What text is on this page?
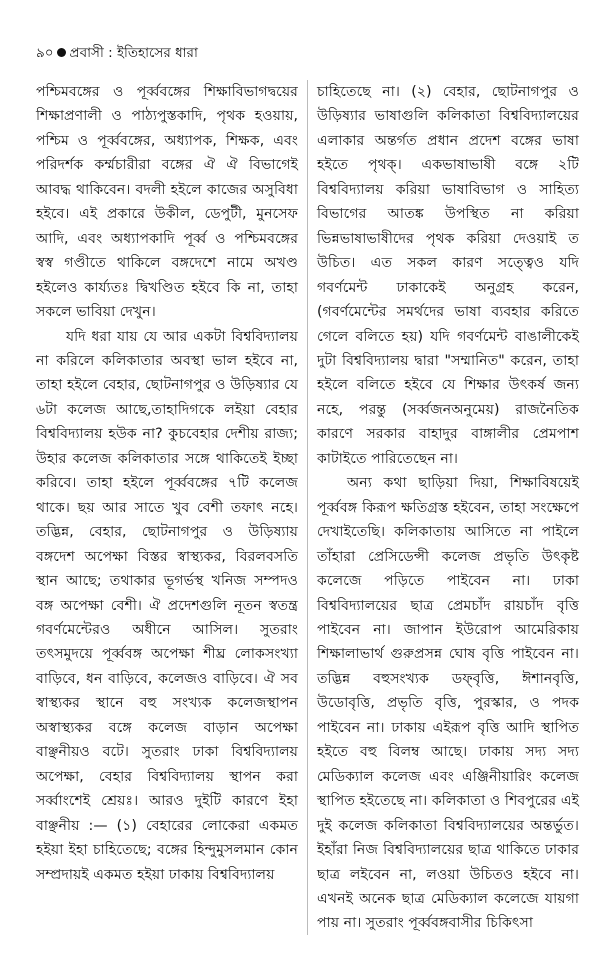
৯০ প্রবাসী : ইতিহাসের ধারা

পশ্চিমবঙ্গের ও পূর্ব্ববঙ্গের শিক্ষাবিভাগদ্বয়ের শিক্ষাপ্রণালী ও পাঠ্যপুস্তকাদি, পৃথক হওয়ায়, পশ্চিম ও পূর্ব্ববঙ্গের, অধ্যাপক, শিক্ষক, এবং পরিদর্শক কর্ম্মচারীরা বঙ্গের ঐ ঐ বিভাগেই আবদ্ধ থাকিবেন। বদলী হইলে কাজের অসুবিধা হইবে। এই প্রকারে উকীল, ডেপুটী, মুনসেফ আদি, এবং অধ্যাপকাদি পূর্ব্ব ও পশ্চিমবঙ্গের স্বস্ব গণ্ডীতে থাকিলে বঙ্গদেশে নামে অখণ্ড হইলেও কার্য্যতঃ দ্বিখণ্ডিত হইবে কি না, তাহা সকলে ভাবিয়া দেখুন।

যদি ধরা যায় যে আর একটা বিশ্ববিদ্যালয় না করিলে কলিকাতার অবস্থা ভাল হইবে না, তাহা হইলে বেহার, ছোটনাগপুর ও উড়িষ্যার যে ৬টা কলেজ আছে,তাহাদিগকে লইয়া বেহার বিশ্ববিদ্যালয় হউক না? কুচবেহার দেশীয় রাজ্য; উহার কলেজ কলিকাতার সঙ্গে থাকিতেই ইচ্ছা করিবে। তাহা হইলে পূর্ব্ববঙ্গের ৭টি কলেজ থাকে। ছয় আর সাতে খুব বেশী তফাৎ নহে। তদ্ভিন্ন, বেহার, ছোটনাগপুর ও উড়িষ্যায় বঙ্গদেশ অপেক্ষা বিস্তর স্বাস্থ্যকর, বিরলবসতি স্থান আছে; তথাকার ভূগর্ভস্থ খনিজ সম্পদও বঙ্গ অপেক্ষা বেশী। ঐ প্রদেশগুলি নূতন স্বতন্ত্র গবর্ণমেন্টেরও অধীনে আসিল। সুতরাং তৎসমুদয়ে পূর্ব্ববঙ্গ অপেক্ষা শীঘ্র লোকসংখ্যা বাড়িবে, ধন বাড়িবে, কলেজও বাড়িবে। ঐ সব স্বাস্থ্যকর স্থানে বহু সংখ্যক কলেজস্থাপন অস্বাস্থ্যকর বঙ্গে কলেজ বাড়ান অপেক্ষা বাঞ্ছনীয়ও বটে। সুতরাং ঢাকা বিশ্ববিদ্যালয় অপেক্ষা, বেহার বিশ্ববিদ্যালয় স্থাপন করা সর্ব্বাংশেই শ্রেয়ঃ। আরও দুইটি কারণে ইহা বাঞ্ছনীয় :— (১) বেহারের লোকেরা একমত হইয়া ইহা চাহিতেছে; বঙ্গের হিন্দুমুসলমান কোন সম্প্রদায়ই একমত হইয়া ঢাকায় বিশ্ববিদ্যালয়

চাহিতেছে না। (২) বেহার, ছোটনাগপুর ও উড়িষ্যার ভাষাগুলি কলিকাতা বিশ্ববিদ্যালয়ের এলাকার অন্তর্গত প্রধান প্রদেশ বঙ্গের ভাষা হইতে পৃথক্। একভাষাভাষী বঙ্গে ২টি বিশ্ববিদ্যালয় করিয়া ভাষাবিভাগ ও সাহিত্য বিভাগের আতঙ্ক উপস্থিত না করিয়া ভিন্নভাষাভাষীদের পৃথক করিয়া দেওয়াই ত উচিত। এত সকল কারণ সত্ত্বেও যদি গবর্ণমেন্ট ঢাকাকেই অনুগ্রহ করেন, (গবর্ণমেন্টের সমর্থদের ভাষা ব্যবহার করিতে গেলে বলিতে হয়) যদি গবর্ণমেন্ট বাঙালীকেই দুটা বিশ্ববিদ্যালয় দ্বারা "সম্মানিত" করেন, তাহা হইলে বলিতে হইবে যে শিক্ষার উৎকর্ষ জন্য নহে, পরন্তু (সর্ব্বজনঅনুমেয়) রাজনৈতিক কারণে সরকার বাহাদুর বাঙ্গালীর প্রেমপাশ কাটাইতে পারিতেছেন না।

অন্য কথা ছাড়িয়া দিয়া, শিক্ষাবিষয়েই পূর্ব্ববঙ্গ কিরূপ ক্ষতিগ্রস্ত হইবেন, তাহা সংক্ষেপে দেখাইতেছি। কলিকাতায় আসিতে না পাইলে তাঁহারা প্রেসিডেন্সী কলেজ প্রভৃতি উৎকৃষ্ট কলেজে পড়িতে পাইবেন না। ঢাকা বিশ্ববিদ্যালয়ের ছাত্র প্রেমচাঁদ রায়চাঁদ বৃত্তি পাইবেন না। জাপান ইউরোপ আমেরিকায় শিক্ষালাভার্থ গুরুপ্রসন্ন ঘোষ বৃত্তি পাইবেন না। তদ্ভিন্ন বহুসংখ্যক ডফ্‌বৃত্তি, ঈশানবৃত্তি, উডোবৃত্তি, প্রভৃতি বৃত্তি, পুরস্কার, ও পদক পাইবেন না। ঢাকায় এইরূপ বৃত্তি আদি স্থাপিত হইতে বহু বিলম্ব আছে। ঢাকায় সদ্য সদ্য মেডিক্যাল কলেজ এবং এঞ্জিনীয়ারিং কলেজ স্থাপিত হইতেছে না। কলিকাতা ও শিবপুরের এই দুই কলেজ কলিকাতা বিশ্ববিদ্যালয়ের অন্তর্ভুত। ইহাঁরা নিজ বিশ্ববিদ্যালয়ের ছাত্র থাকিতে ঢাকার ছাত্র লইবেন না, লওয়া উচিতও হইবে না। এখনই অনেক ছাত্র মেডিক্যাল কলেজে যায়গা পায় না। সুতরাং পূর্ব্ববঙ্গবাসীর চিকিৎসা
